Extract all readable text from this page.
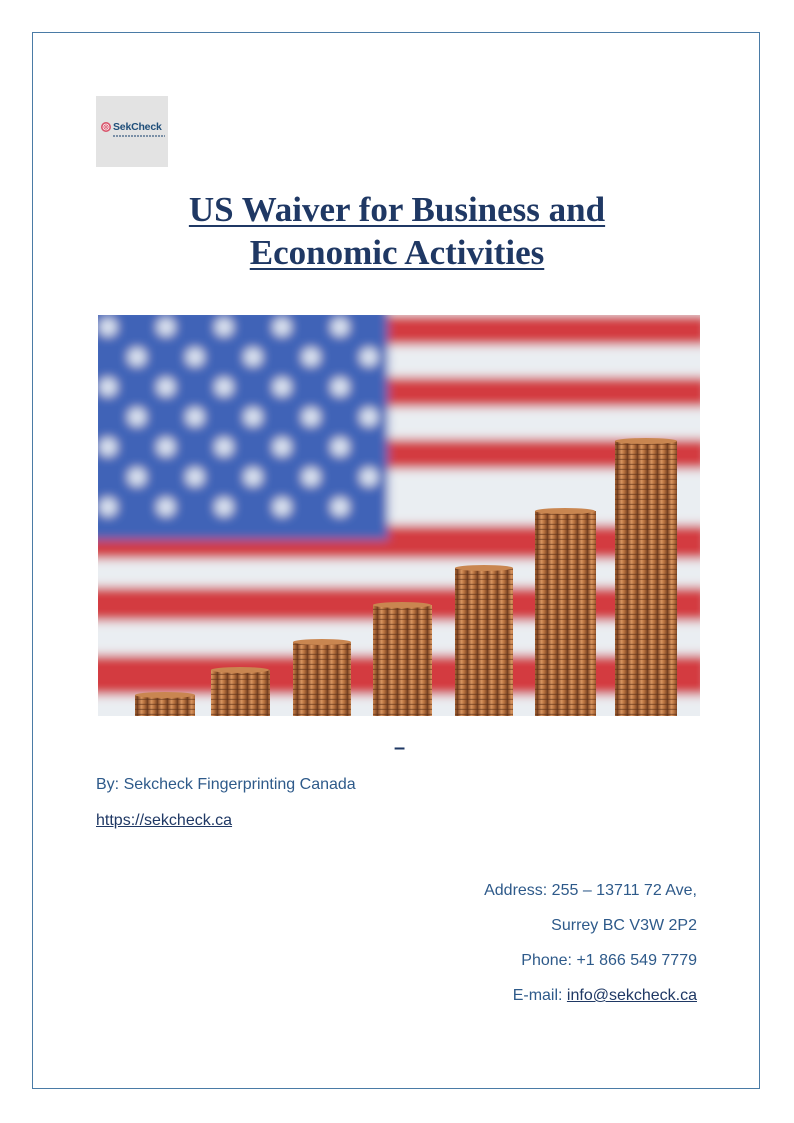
SekCheck
US Waiver for Business and
Economic Activities
–
By: Sekcheck Fingerprinting Canada
https://sekcheck.ca
Address: 255 – 13711 72 Ave,
Surrey BC V3W 2P2
Phone: +1 866 549 7779
E-mail: info@sekcheck.ca
